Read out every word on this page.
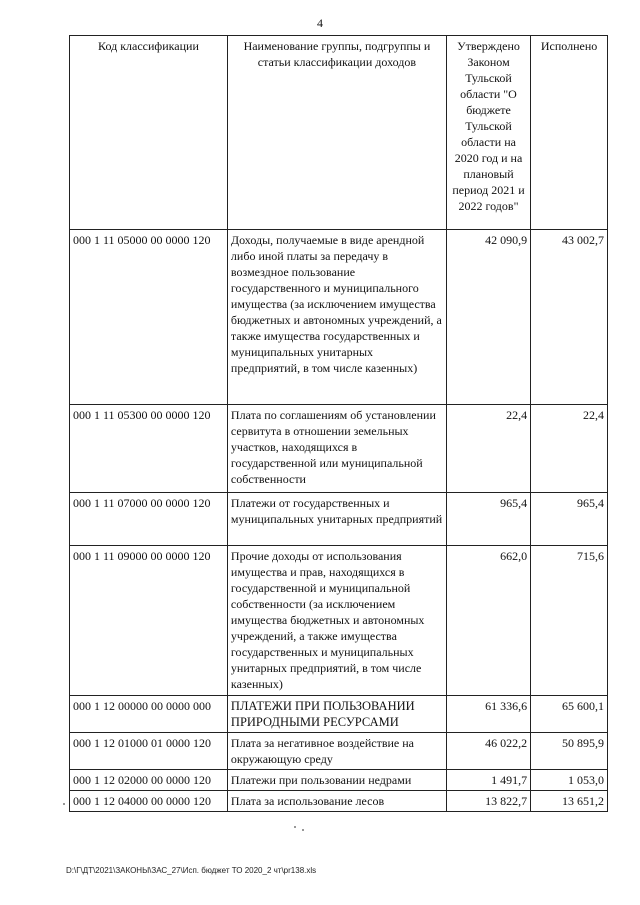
4
Код классификации	Наименование группы, подгруппы и статьи классификации доходов	Утверждено Законом Тульской области "О бюджете Тульской области на 2020 год и на плановый период 2021 и 2022 годов"	Исполнено
000 1 11 05000 00 0000 120	Доходы, получаемые в виде арендной либо иной платы за передачу в возмездное пользование государственного и муниципального имущества (за исключением имущества бюджетных и автономных учреждений, а также имущества государственных и муниципальных унитарных предприятий, в том числе казенных)	42 090,9	43 002,7
000 1 11 05300 00 0000 120	Плата по соглашениям об установлении сервитута в отношении земельных участков, находящихся в государственной или муниципальной собственности	22,4	22,4
000 1 11 07000 00 0000 120	Платежи от государственных и муниципальных унитарных предприятий	965,4	965,4
000 1 11 09000 00 0000 120	Прочие доходы от использования имущества и прав, находящихся в государственной и муниципальной собственности (за исключением имущества бюджетных и автономных учреждений, а также имущества государственных и муниципальных унитарных предприятий, в том числе казенных)	662,0	715,6
000 1 12 00000 00 0000 000	ПЛАТЕЖИ ПРИ ПОЛЬЗОВАНИИ ПРИРОДНЫМИ РЕСУРСАМИ	61 336,6	65 600,1
000 1 12 01000 01 0000 120	Плата за негативное воздействие на окружающую среду	46 022,2	50 895,9
000 1 12 02000 00 0000 120	Платежи при пользовании недрами	1 491,7	1 053,0
000 1 12 04000 00 0000 120	Плата за использование лесов	13 822,7	13 651,2
D:\Г\ДТ\2021\ЗАКОНЫ\ЗАС_27\Исп. бюджет ТО 2020_2 чт\pr138.xls
